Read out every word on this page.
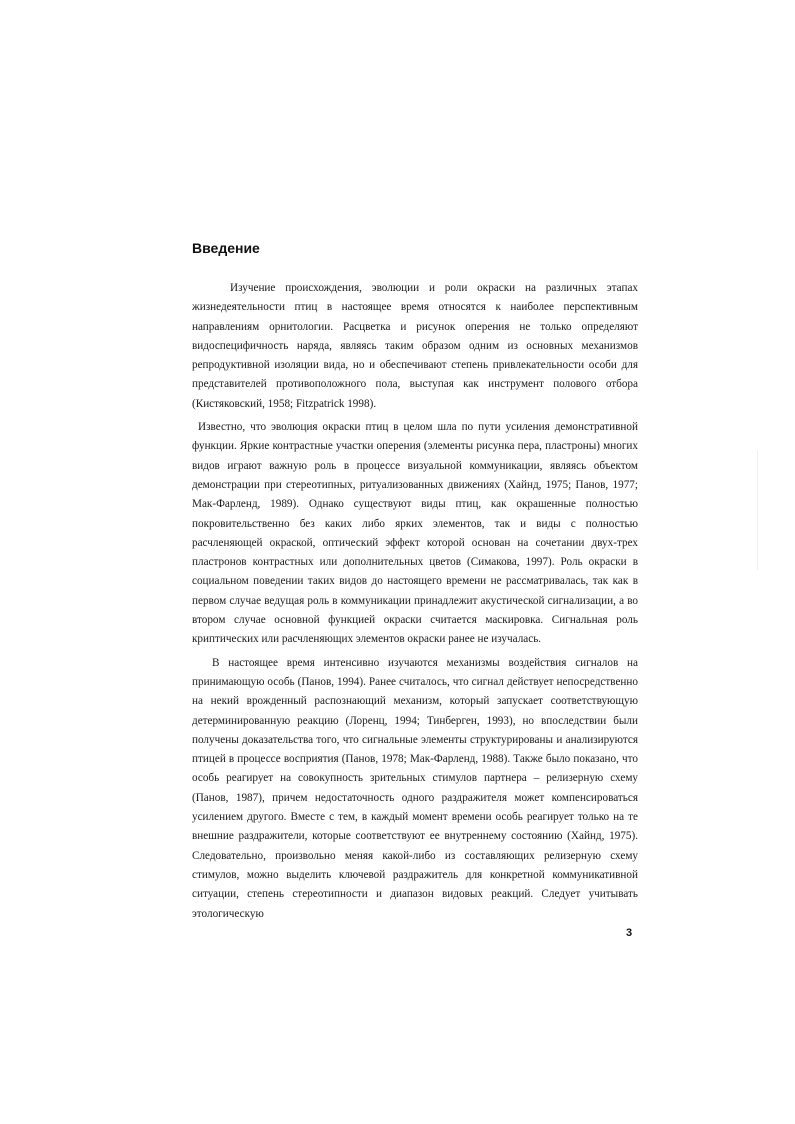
Введение

Изучение происхождения, эволюции и роли окраски на различных этапах жизнедеятельности птиц в настоящее время относятся к наиболее перспективным направлениям орнитологии. Расцветка и рисунок оперения не только определяют видоспецифичность наряда, являясь таким образом одним из основных механизмов репродуктивной изоляции вида, но и обеспечивают степень привлекательности особи для представителей противоположного пола, выступая как инструмент полового отбора (Кистяковский, 1958; Fitzpatrick 1998).

Известно, что эволюция окраски птиц в целом шла по пути усиления демонстративной функции. Яркие контрастные участки оперения (элементы рисунка пера, пластроны) многих видов играют важную роль в процессе визуальной коммуникации, являясь объектом демонстрации при стереотипных, ритуализованных движениях (Хайнд, 1975; Панов, 1977; Мак-Фарленд, 1989). Однако существуют виды птиц, как окрашенные полностью покровительственно без каких либо ярких элементов, так и виды с полностью расчленяющей окраской, оптический эффект которой основан на сочетании двух-трех пластронов контрастных или дополнительных цветов (Симакова, 1997). Роль окраски в социальном поведении таких видов до настоящего времени не рассматривалась, так как в первом случае ведущая роль в коммуникации принадлежит акустической сигнализации, а во втором случае основной функцией окраски считается маскировка. Сигнальная роль криптических или расчленяющих элементов окраски ранее не изучалась.

В настоящее время интенсивно изучаются механизмы воздействия сигналов на принимающую особь (Панов, 1994). Ранее считалось, что сигнал действует непосредственно на некий врожденный распознающий механизм, который запускает соответствующую детерминированную реакцию (Лоренц, 1994; Тинберген, 1993), но впоследствии были получены доказательства того, что сигнальные элементы структурированы и анализируются птицей в процессе восприятия (Панов, 1978; Мак-Фарленд, 1988). Также было показано, что особь реагирует на совокупность зрительных стимулов партнера – релизерную схему (Панов, 1987), причем недостаточность одного раздражителя может компенсироваться усилением другого. Вместе с тем, в каждый момент времени особь реагирует только на те внешние раздражители, которые соответствуют ее внутреннему состоянию (Хайнд, 1975). Следовательно, произвольно меняя какой-либо из составляющих релизерную схему стимулов, можно выделить ключевой раздражитель для конкретной коммуникативной ситуации, степень стереотипности и диапазон видовых реакций. Следует учитывать этологическую

3
